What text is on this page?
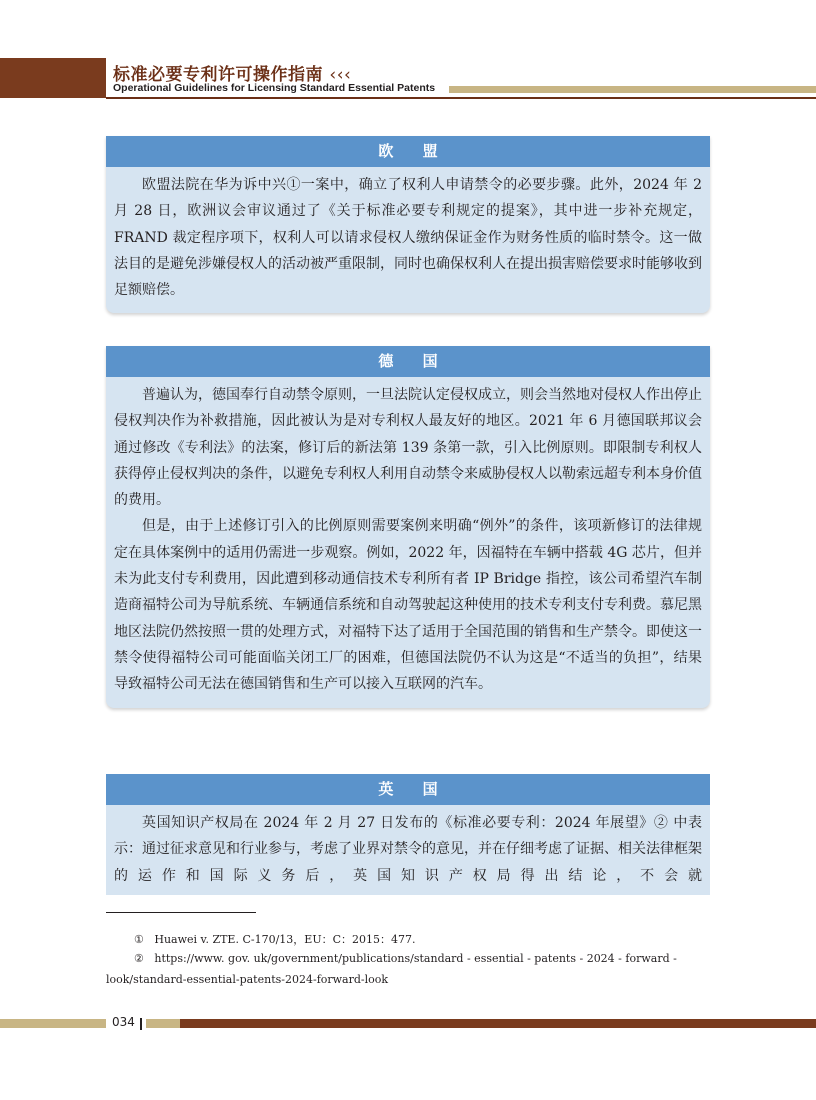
标准必要专利许可操作指南 ‹‹‹
Operational Guidelines for Licensing Standard Essential Patents
欧 盟

欧盟法院在华为诉中兴①一案中，确立了权利人申请禁令的必要步骤。此外，2024 年 2 月 28 日，欧洲议会审议通过了《关于标准必要专利规定的提案》，其中进一步补充规定，FRAND 裁定程序项下，权利人可以请求侵权人缴纳保证金作为财务性质的临时禁令。这一做法目的是避免涉嫌侵权人的活动被严重限制，同时也确保权利人在提出损害赔偿要求时能够收到足额赔偿。

德 国

普遍认为，德国奉行自动禁令原则，一旦法院认定侵权成立，则会当然地对侵权人作出停止侵权判决作为补救措施，因此被认为是对专利权人最友好的地区。2021 年 6 月德国联邦议会通过修改《专利法》的法案，修订后的新法第 139 条第一款，引入比例原则。即限制专利权人获得停止侵权判决的条件，以避免专利权人利用自动禁令来威胁侵权人以勒索远超专利本身价值的费用。

但是，由于上述修订引入的比例原则需要案例来明确“例外”的条件，该项新修订的法律规定在具体案例中的适用仍需进一步观察。例如，2022 年，因福特在车辆中搭载 4G 芯片，但并未为此支付专利费用，因此遭到移动通信技术专利所有者 IP Bridge 指控，该公司希望汽车制造商福特公司为导航系统、车辆通信系统和自动驾驶起这种使用的技术专利支付专利费。慕尼黑地区法院仍然按照一贯的处理方式，对福特下达了适用于全国范围的销售和生产禁令。即使这一禁令使得福特公司可能面临关闭工厂的困难，但德国法院仍不认为这是“不适当的负担”，结果导致福特公司无法在德国销售和生产可以接入互联网的汽车。

英 国

英国知识产权局在 2024 年 2 月 27 日发布的《标准必要专利：2024 年展望》② 中表示：通过征求意见和行业参与，考虑了业界对禁令的意见，并在仔细考虑了证据、相关法律框架的运作和国际义务后，英国知识产权局得出结论，不会就

① Huawei v. ZTE. C-170/13，EU：C：2015：477.
② https://www. gov. uk/government/publications/standard - essential - patents - 2024 - forward -
look/standard-essential-patents-2024-forward-look
034
